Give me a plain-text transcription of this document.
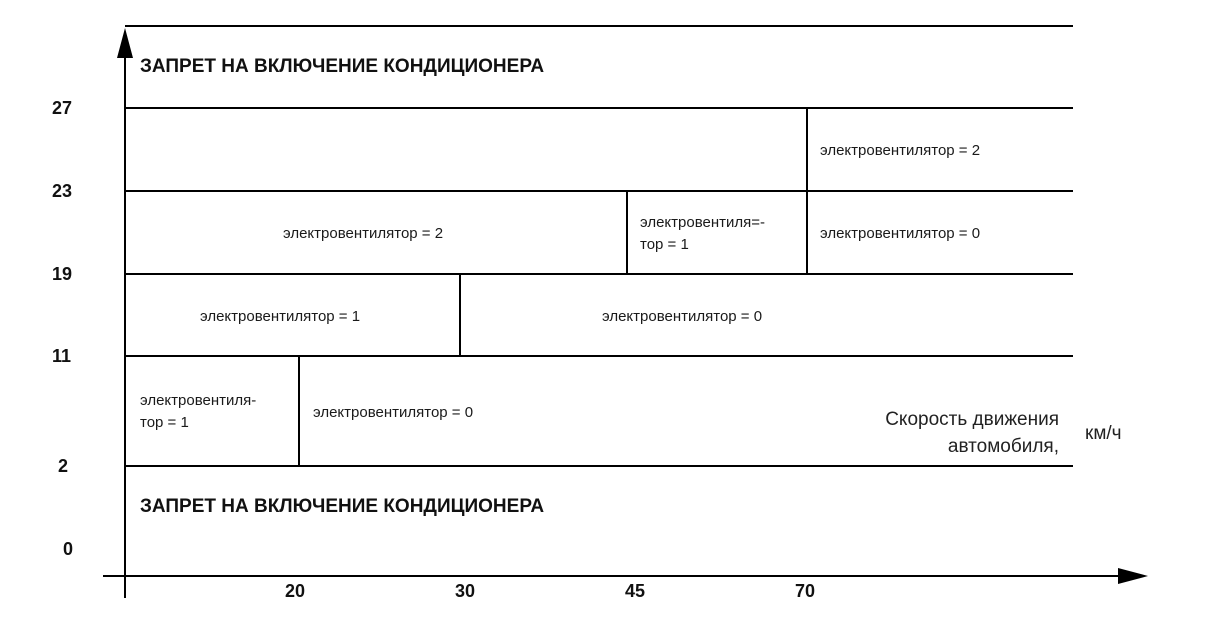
27
23
19
11
2
0
20	30	45	70
ЗАПРЕТ НА ВКЛЮЧЕНИЕ КОНДИЦИОНЕРА
ЗАПРЕТ НА ВКЛЮЧЕНИЕ КОНДИЦИОНЕРА
электровентилятор = 2
электровентилятор = 2
электровентиля=-
тор = 1
электровентилятор = 0
электровентилятор = 1	электровентилятор = 0
электровентиля-
тор = 1
электровентилятор = 0	Скорость движения
автомобиля,
км/ч
